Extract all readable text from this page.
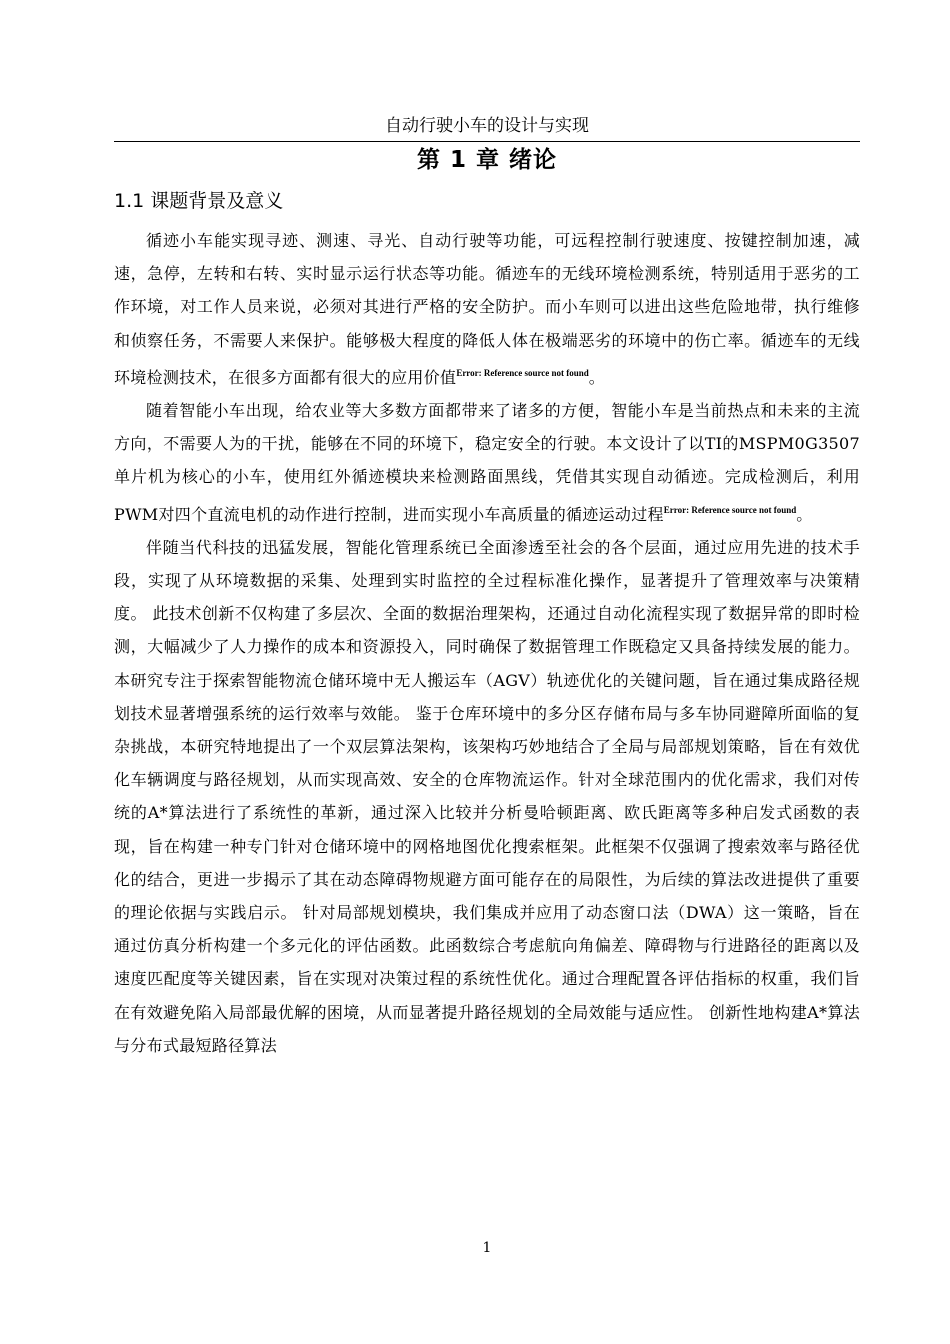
自动行驶小车的设计与实现
第 1 章 绪论
1.1 课题背景及意义

循迹小车能实现寻迹、测速、寻光、自动行驶等功能，可远程控制行驶速度、按键控制加速，减速，急停，左转和右转、实时显示运行状态等功能。循迹车的无线环境检测系统，特别适用于恶劣的工作环境，对工作人员来说，必须对其进行严格的安全防护。而小车则可以进出这些危险地带，执行维修和侦察任务，不需要人来保护。能够极大程度的降低人体在极端恶劣的环境中的伤亡率。循迹车的无线环境检测技术，在很多方面都有很大的应用价值$^{Error: Reference source not found}$。

随着智能小车出现，给农业等大多数方面都带来了诸多的方便，智能小车是当前热点和未来的主流方向，不需要人为的干扰，能够在不同的环境下，稳定安全的行驶。本文设计了以TI的MSPM0G3507单片机为核心的小车，使用红外循迹模块来检测路面黑线，凭借其实现自动循迹。完成检测后，利用PWM对四个直流电机的动作进行控制，进而实现小车高质量的循迹运动过程$^{Error: Reference source not found}$。

伴随当代科技的迅猛发展，智能化管理系统已全面渗透至社会的各个层面，通过应用先进的技术手段，实现了从环境数据的采集、处理到实时监控的全过程标准化操作，显著提升了管理效率与决策精度。 此技术创新不仅构建了多层次、全面的数据治理架构，还通过自动化流程实现了数据异常的即时检测，大幅减少了人力操作的成本和资源投入，同时确保了数据管理工作既稳定又具备持续发展的能力。 本研究专注于探索智能物流仓储环境中无人搬运车（AGV）轨迹优化的关键问题，旨在通过集成路径规划技术显著增强系统的运行效率与效能。 鉴于仓库环境中的多分区存储布局与多车协同避障所面临的复杂挑战，本研究特地提出了一个双层算法架构，该架构巧妙地结合了全局与局部规划策略，旨在有效优化车辆调度与路径规划，从而实现高效、安全的仓库物流运作。针对全球范围内的优化需求，我们对传统的A*算法进行了系统性的革新，通过深入比较并分析曼哈顿距离、欧氏距离等多种启发式函数的表现，旨在构建一种专门针对仓储环境中的网格地图优化搜索框架。此框架不仅强调了搜索效率与路径优化的结合，更进一步揭示了其在动态障碍物规避方面可能存在的局限性，为后续的算法改进提供了重要的理论依据与实践启示。 针对局部规划模块，我们集成并应用了动态窗口法（DWA）这一策略，旨在通过仿真分析构建一个多元化的评估函数。此函数综合考虑航向角偏差、障碍物与行进路径的距离以及速度匹配度等关键因素，旨在实现对决策过程的系统性优化。通过合理配置各评估指标的权重，我们旨在有效避免陷入局部最优解的困境，从而显著提升路径规划的全局效能与适应性。 创新性地构建A*算法与分布式最短路径算法

1
